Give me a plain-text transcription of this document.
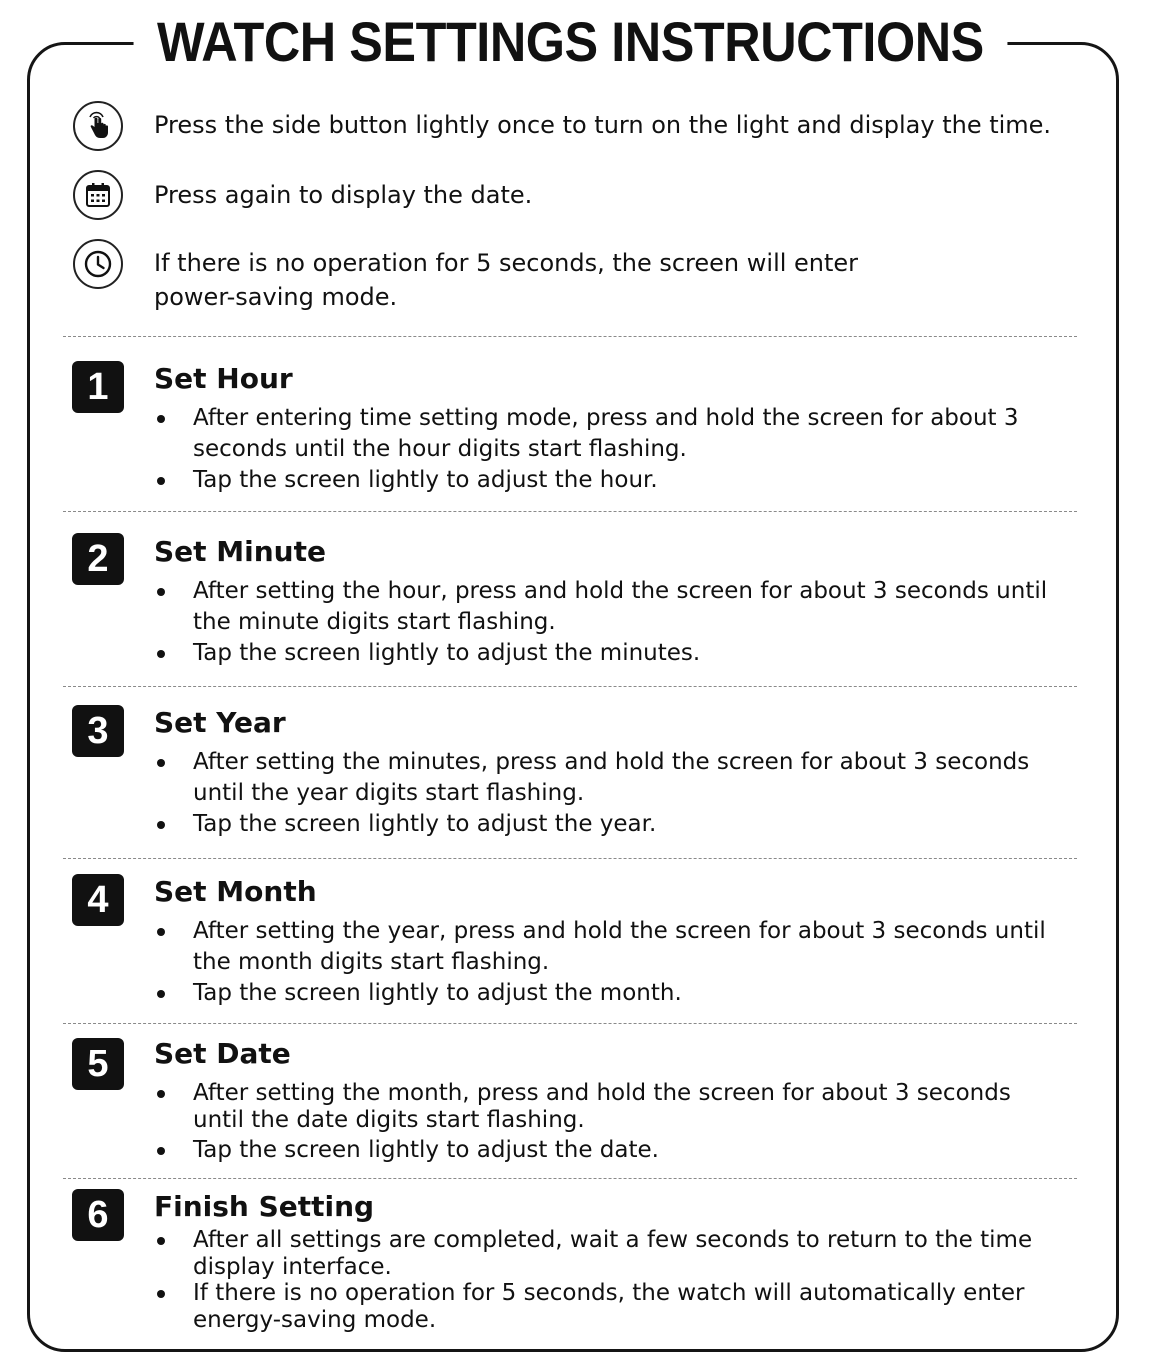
WATCH SETTINGS INSTRUCTIONS
Press the side button lightly once to turn on the light and display the time.
Press again to display the date.
If there is no operation for 5 seconds, the screen will enter power-saving mode.
1	Set Hour
After entering time setting mode, press and hold the screen for about 3 seconds until the hour digits start flashing.
Tap the screen lightly to adjust the hour.
2	Set Minute
After setting the hour, press and hold the screen for about 3 seconds until the minute digits start flashing.
Tap the screen lightly to adjust the minutes.
3	Set Year
After setting the minutes, press and hold the screen for about 3 seconds until the year digits start flashing.
Tap the screen lightly to adjust the year.
4	Set Month
After setting the year, press and hold the screen for about 3 seconds until the month digits start flashing.
Tap the screen lightly to adjust the month.
5	Set Date
After setting the month, press and hold the screen for about 3 seconds until the date digits start flashing.
Tap the screen lightly to adjust the date.
6	Finish Setting
After all settings are completed, wait a few seconds to return to the time display interface.
If there is no operation for 5 seconds, the watch will automatically enter energy-saving mode.
